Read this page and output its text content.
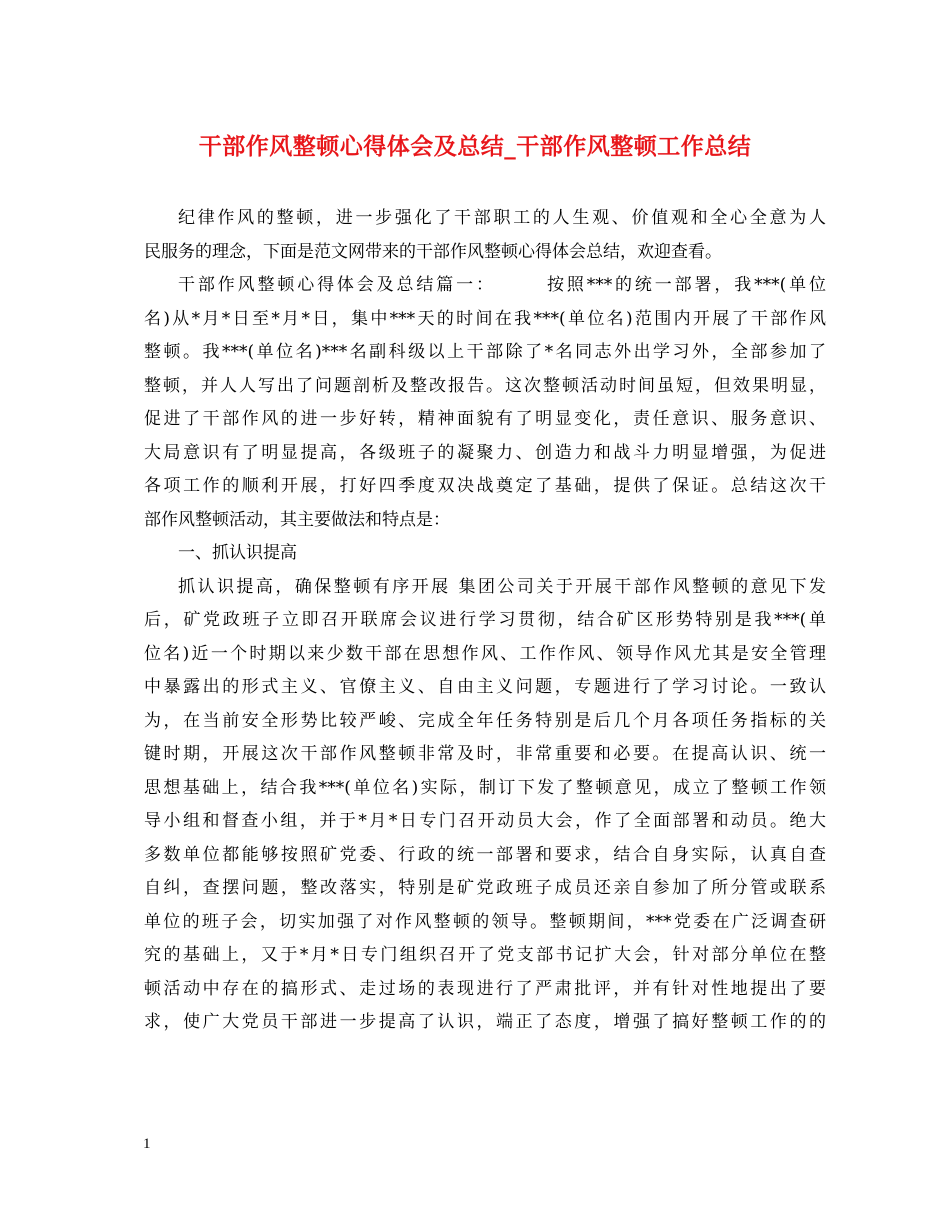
干部作风整顿心得体会及总结_干部作风整顿工作总结
纪律作风的整顿，进一步强化了干部职工的人生观、价值观和全心全意为人
民服务的理念，下面是范文网带来的干部作风整顿心得体会总结，欢迎查看。
干部作风整顿心得体会及总结篇一：　　　按照***的统一部署，我***(单位
名)从*月*日至*月*日，集中***天的时间在我***(单位名)范围内开展了干部作风
整顿。我***(单位名)***名副科级以上干部除了*名同志外出学习外，全部参加了
整顿，并人人写出了问题剖析及整改报告。这次整顿活动时间虽短，但效果明显，
促进了干部作风的进一步好转，精神面貌有了明显变化，责任意识、服务意识、
大局意识有了明显提高，各级班子的凝聚力、创造力和战斗力明显增强，为促进
各项工作的顺利开展，打好四季度双决战奠定了基础，提供了保证。总结这次干
部作风整顿活动，其主要做法和特点是：
一、抓认识提高
抓认识提高，确保整顿有序开展 集团公司关于开展干部作风整顿的意见下发
后，矿党政班子立即召开联席会议进行学习贯彻，结合矿区形势特别是我***(单
位名)近一个时期以来少数干部在思想作风、工作作风、领导作风尤其是安全管理
中暴露出的形式主义、官僚主义、自由主义问题，专题进行了学习讨论。一致认
为，在当前安全形势比较严峻、完成全年任务特别是后几个月各项任务指标的关
键时期，开展这次干部作风整顿非常及时，非常重要和必要。在提高认识、统一
思想基础上，结合我***(单位名)实际，制订下发了整顿意见，成立了整顿工作领
导小组和督查小组，并于*月*日专门召开动员大会，作了全面部署和动员。绝大
多数单位都能够按照矿党委、行政的统一部署和要求，结合自身实际，认真自查
自纠，查摆问题，整改落实，特别是矿党政班子成员还亲自参加了所分管或联系
单位的班子会，切实加强了对作风整顿的领导。整顿期间，***党委在广泛调查研
究的基础上，又于*月*日专门组织召开了党支部书记扩大会，针对部分单位在整
顿活动中存在的搞形式、走过场的表现进行了严肃批评，并有针对性地提出了要
求，使广大党员干部进一步提高了认识，端正了态度，增强了搞好整顿工作的的
1
